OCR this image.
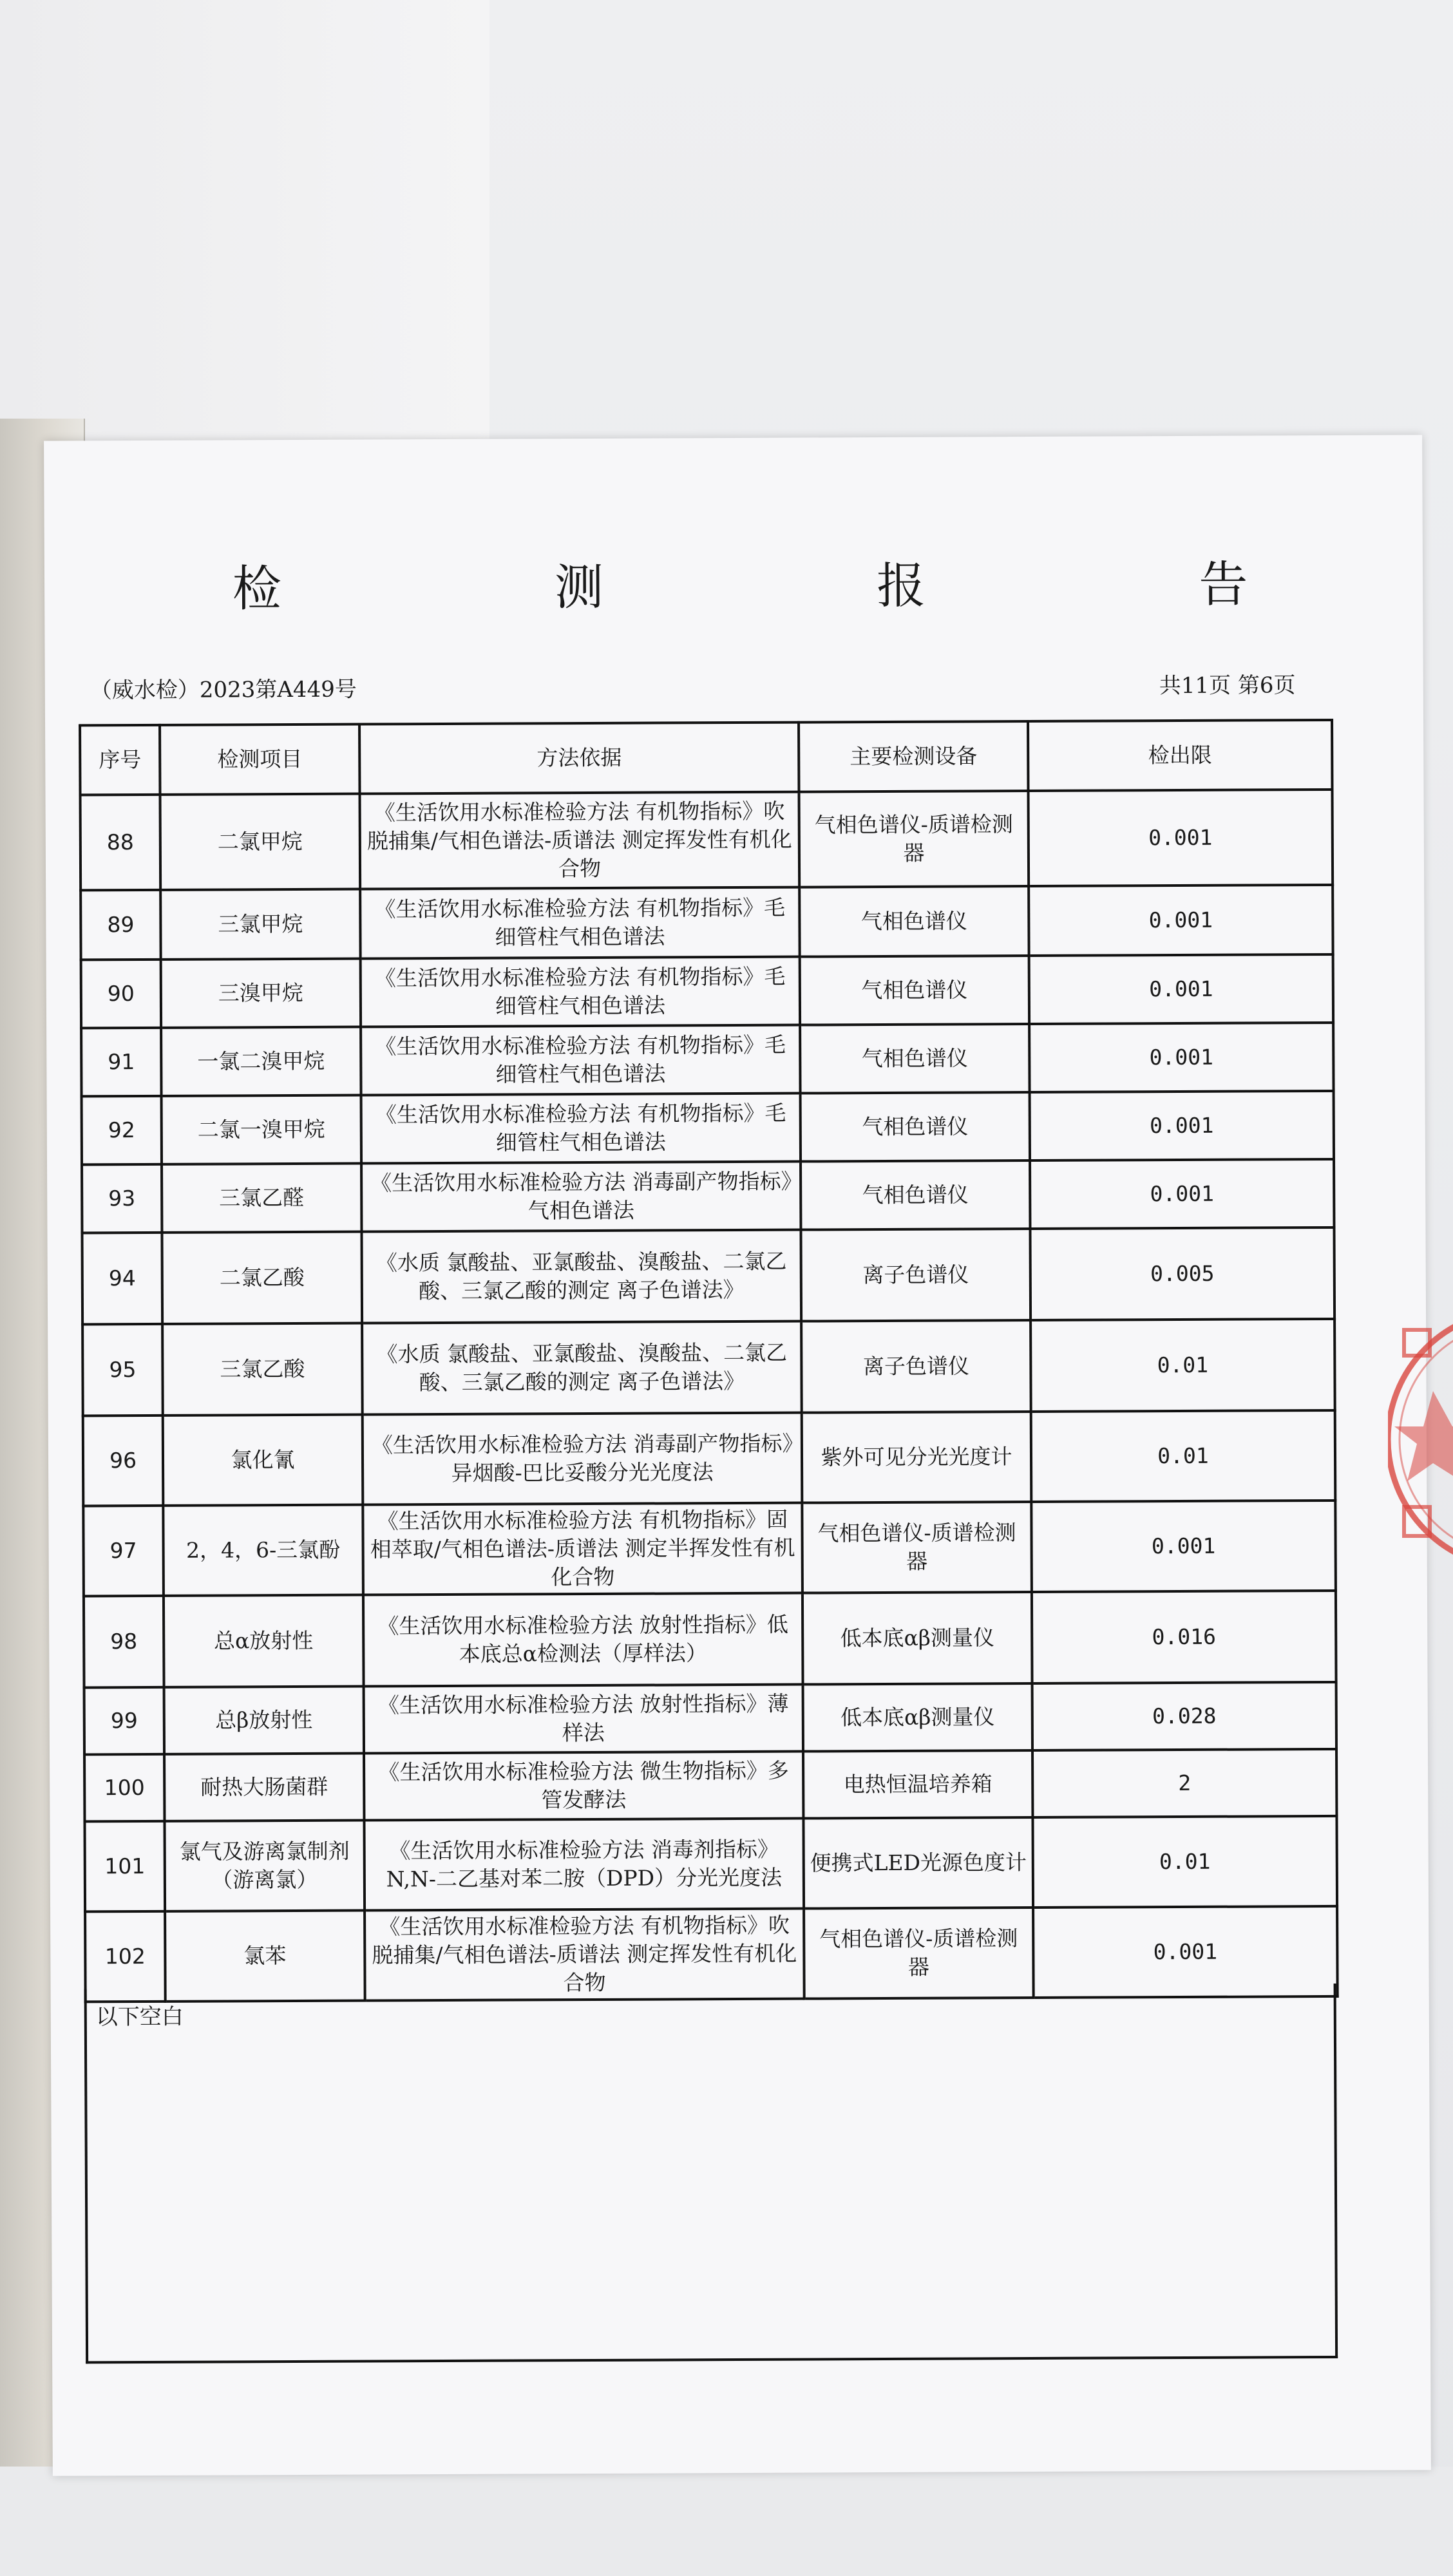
检 测 报 告
（威水检）2023第A449号	共11页 第6页
序号	检测项目	方法依据	主要检测设备	检出限
88	二氯甲烷	《生活饮用水标准检验方法 有机物指标》吹脱捕集/气相色谱法-质谱法 测定挥发性有机化合物	气相色谱仪-质谱检测器	0.001
89	三氯甲烷	《生活饮用水标准检验方法 有机物指标》毛细管柱气相色谱法	气相色谱仪	0.001
90	三溴甲烷	《生活饮用水标准检验方法 有机物指标》毛细管柱气相色谱法	气相色谱仪	0.001
91	一氯二溴甲烷	《生活饮用水标准检验方法 有机物指标》毛细管柱气相色谱法	气相色谱仪	0.001
92	二氯一溴甲烷	《生活饮用水标准检验方法 有机物指标》毛细管柱气相色谱法	气相色谱仪	0.001
93	三氯乙醛	《生活饮用水标准检验方法 消毒副产物指标》气相色谱法	气相色谱仪	0.001
94	二氯乙酸	《水质 氯酸盐、亚氯酸盐、溴酸盐、二氯乙酸、三氯乙酸的测定 离子色谱法》	离子色谱仪	0.005
95	三氯乙酸	《水质 氯酸盐、亚氯酸盐、溴酸盐、二氯乙酸、三氯乙酸的测定 离子色谱法》	离子色谱仪	0.01
96	氯化氰	《生活饮用水标准检验方法 消毒副产物指标》异烟酸-巴比妥酸分光光度法	紫外可见分光光度计	0.01
97	2，4，6-三氯酚	《生活饮用水标准检验方法 有机物指标》固相萃取/气相色谱法-质谱法 测定半挥发性有机化合物	气相色谱仪-质谱检测器	0.001
98	总α放射性	《生活饮用水标准检验方法 放射性指标》低本底总α检测法（厚样法）	低本底αβ测量仪	0.016
99	总β放射性	《生活饮用水标准检验方法 放射性指标》薄样法	低本底αβ测量仪	0.028
100	耐热大肠菌群	《生活饮用水标准检验方法 微生物指标》多管发酵法	电热恒温培养箱	2
101	氯气及游离氯制剂（游离氯）	《生活饮用水标准检验方法 消毒剂指标》N,N-二乙基对苯二胺（DPD）分光光度法	便携式LED光源色度计	0.01
102	氯苯	《生活饮用水标准检验方法 有机物指标》吹脱捕集/气相色谱法-质谱法 测定挥发性有机化合物	气相色谱仪-质谱检测器	0.001
以下空白
